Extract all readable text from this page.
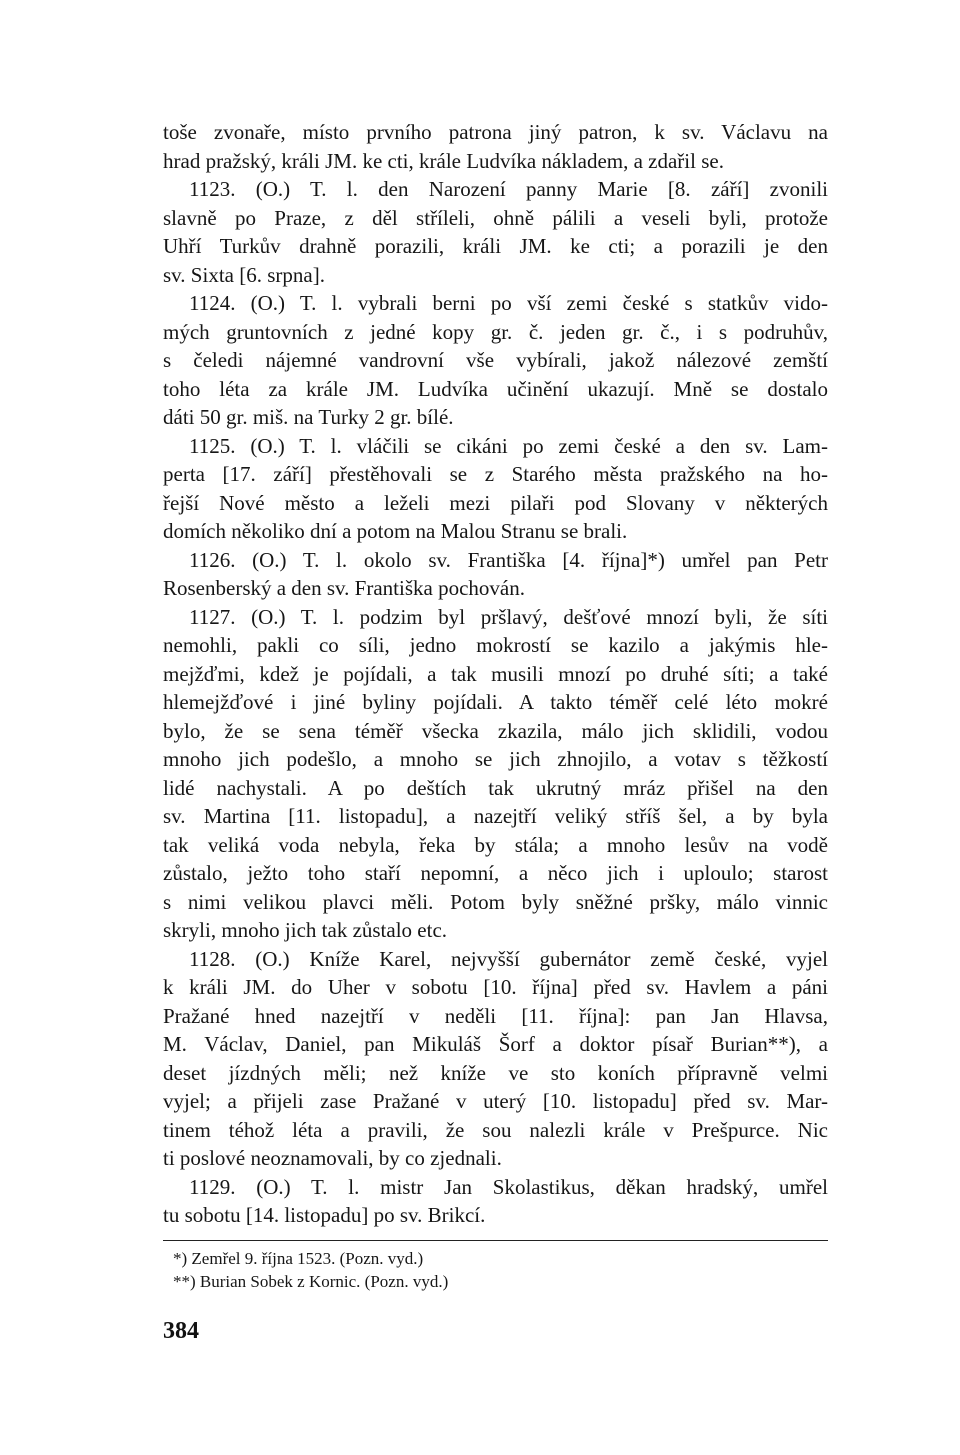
toše zvonaře, místo prvního patrona jiný patron, k sv. Václavu na
hrad pražský, králi JM. ke cti, krále Ludvíka nákladem, a zdařil se.
1123. (O.) T. l. den Narození panny Marie [8. září] zvonili
slavně po Praze, z děl stříleli, ohně pálili a veseli byli, protože
Uhří Turkův drahně porazili, králi JM. ke cti; a porazili je den
sv. Sixta [6. srpna].
1124. (O.) T. l. vybrali berni po vší zemi české s statkův vido-
mých gruntovních z jedné kopy gr. č. jeden gr. č., i s podruhův,
s čeledi nájemné vandrovní vše vybírali, jakož nálezové zemští
toho léta za krále JM. Ludvíka učinění ukazují. Mně se dostalo
dáti 50 gr. miš. na Turky 2 gr. bílé.
1125. (O.) T. l. vláčili se cikáni po zemi české a den sv. Lam-
perta [17. září] přestěhovali se z Starého města pražského na ho-
řejší Nové město a leželi mezi pilaři pod Slovany v některých
domích několiko dní a potom na Malou Stranu se brali.
1126. (O.) T. l. okolo sv. Františka [4. října]*) umřel pan Petr
Rosenberský a den sv. Františka pochován.
1127. (O.) T. l. podzim byl pršlavý, dešťové mnozí byli, že síti
nemohli, pakli co síli, jedno mokrostí se kazilo a jakýmis hle-
mejžďmi, kdež je pojídali, a tak musili mnozí po druhé síti; a také
hlemejžďové i jiné byliny pojídali. A takto téměř celé léto mokré
bylo, že se sena téměř všecka zkazila, málo jich sklidili, vodou
mnoho jich podešlo, a mnoho se jich zhnojilo, a votav s těžkostí
lidé nachystali. A po deštích tak ukrutný mráz přišel na den
sv. Martina [11. listopadu], a nazejtří veliký stříš šel, a by byla
tak veliká voda nebyla, řeka by stála; a mnoho lesův na vodě
zůstalo, ježto toho staří nepomní, a něco jich i uploulo; starost
s nimi velikou plavci měli. Potom byly sněžné pršky, málo vinnic
skryli, mnoho jich tak zůstalo etc.
1128. (O.) Kníže Karel, nejvyšší gubernátor země české, vyjel
k králi JM. do Uher v sobotu [10. října] před sv. Havlem a páni
Pražané hned nazejtří v neděli [11. října]: pan Jan Hlavsa,
M. Václav, Daniel, pan Mikuláš Šorf a doktor písař Burian**), a
deset jízdných měli; než kníže ve sto koních přípravně velmi
vyjel; a přijeli zase Pražané v uterý [10. listopadu] před sv. Mar-
tinem téhož léta a pravili, že sou nalezli krále v Prešpurce. Nic
ti poslové neoznamovali, by co zjednali.
1129. (O.) T. l. mistr Jan Skolastikus, děkan hradský, umřel
tu sobotu [14. listopadu] po sv. Brikcí.
*) Zemřel 9. října 1523. (Pozn. vyd.)
**) Burian Sobek z Kornic. (Pozn. vyd.)
384
